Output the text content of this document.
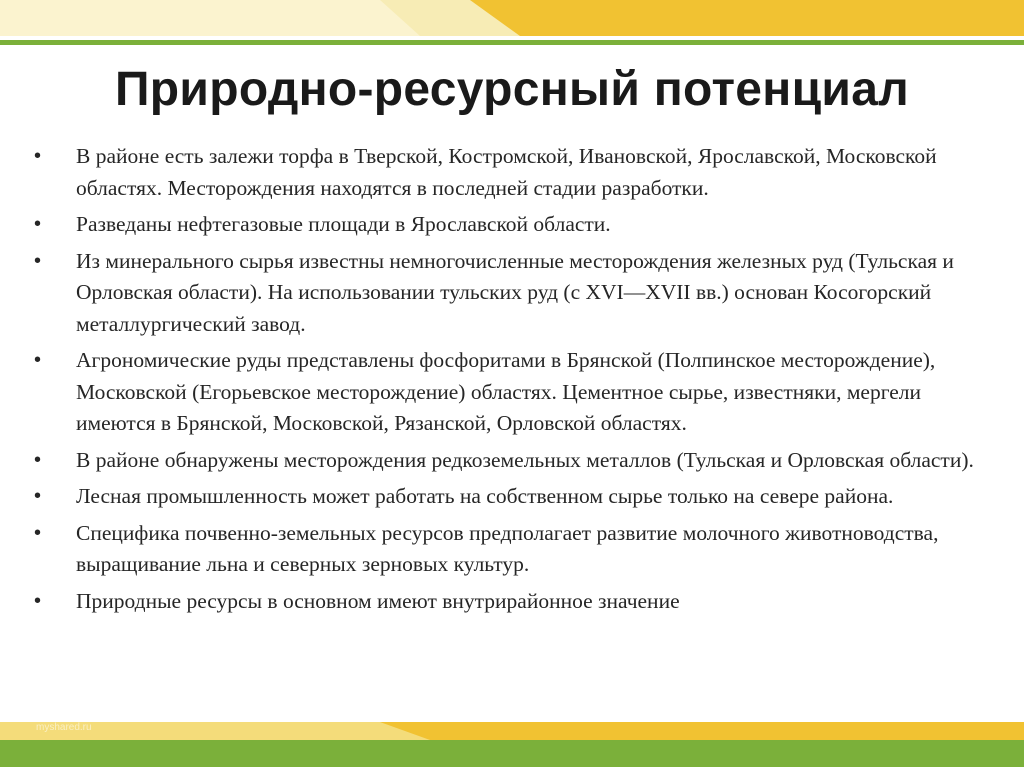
Природно-ресурсный потенциал
• В районе есть залежи торфа в Тверской, Костромской, Ивановской, Ярославской, Московской областях. Месторождения находятся в последней стадии разработки.
• Разведаны нефтегазовые площади в Ярославской области.
• Из минерального сырья известны немногочисленные месторождения железных руд (Тульская и Орловская области). На использовании тульских руд (с XVI—XVII вв.) основан Косогорский металлургический завод.
• Агрономические руды представлены фосфоритами в Брянской (Полпинское месторождение), Московской (Егорьевское месторождение) областях. Цементное сырье, известняки, мергели имеются в Брянской, Московской, Рязанской, Орловской областях.
• В районе обнаружены месторождения редкоземельных металлов (Тульская и Орловская области).
• Лесная промышленность может работать на собственном сырье только на севере района.
• Специфика почвенно-земельных ресурсов предполагает развитие молочного животноводства, выращивание льна и северных зерновых культур.
• Природные ресурсы в основном имеют внутрирайонное значение
myshared.ru
